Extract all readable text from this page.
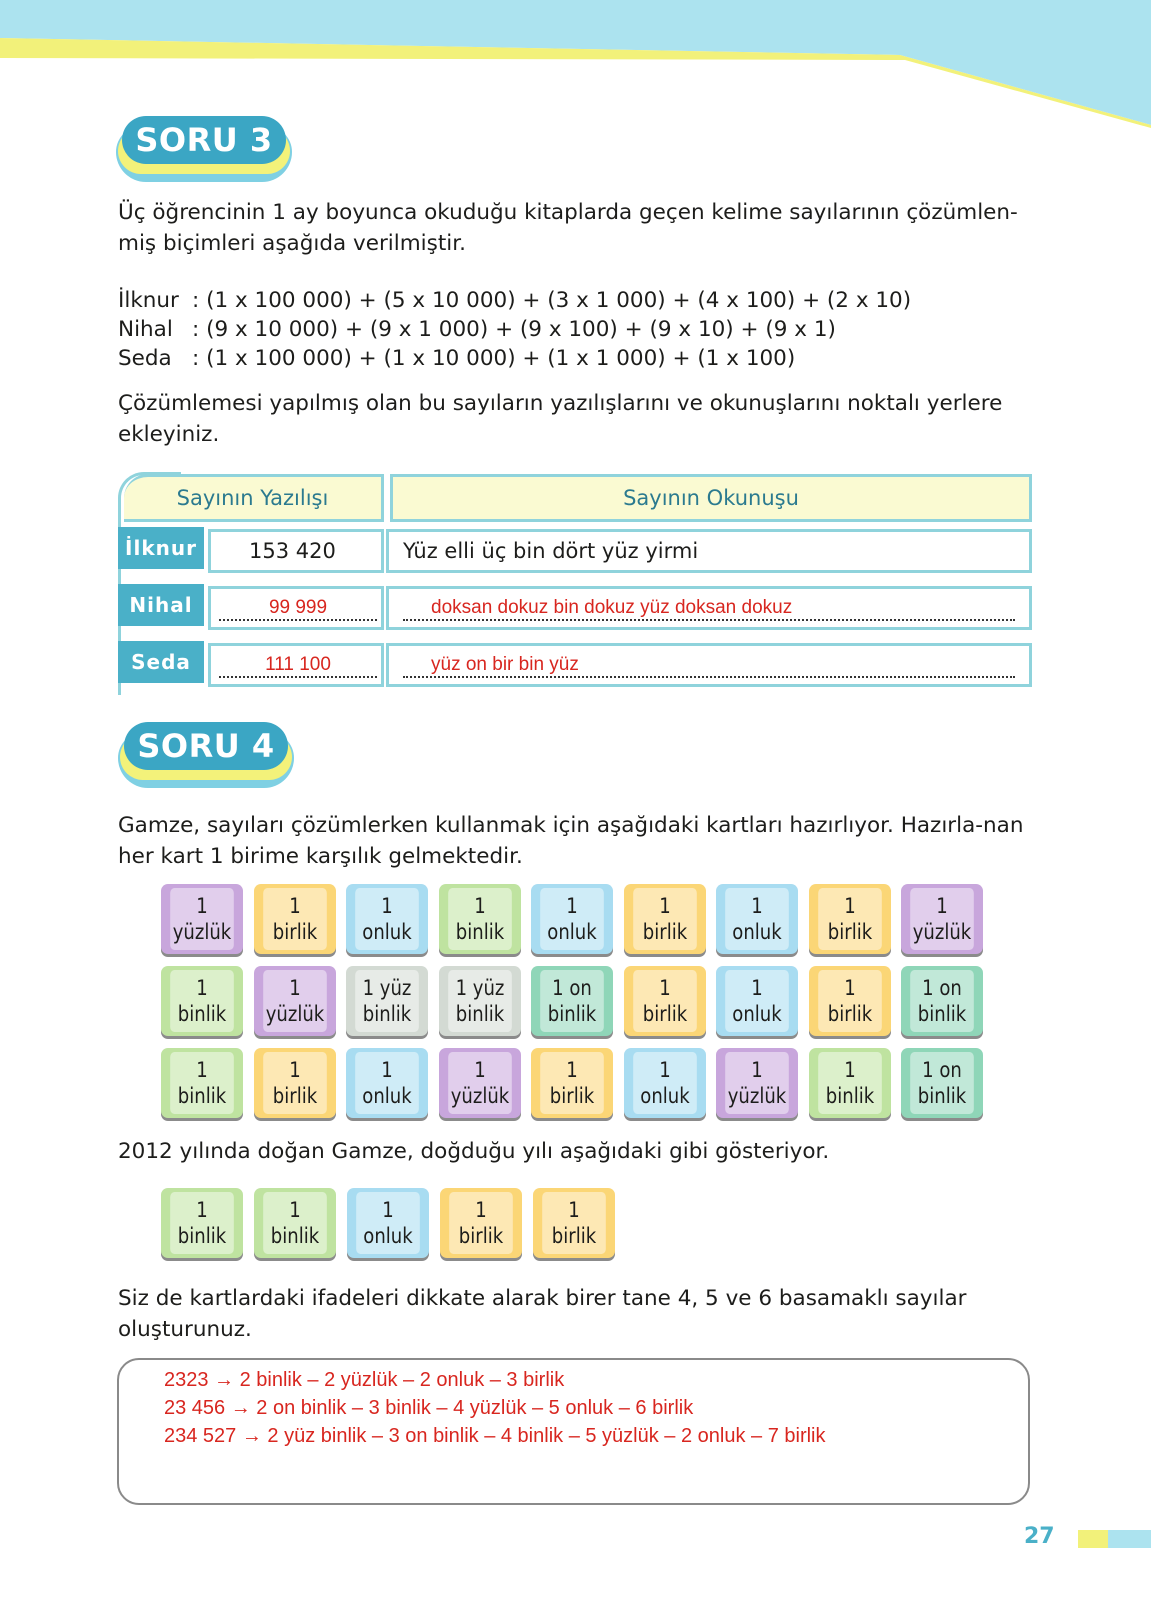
SORU 3
Üç öğrencinin 1 ay boyunca okuduğu kitaplarda geçen kelime sayılarının çözümlen-miş biçimleri aşağıda verilmiştir.
İlknur : (1 x 100 000) + (5 x 10 000) + (3 x 1 000) + (4 x 100) + (2 x 10)
Nihal : (9 x 10 000) + (9 x 1 000) + (9 x 100) + (9 x 10) + (9 x 1)
Seda : (1 x 100 000) + (1 x 10 000) + (1 x 1 000) + (1 x 100)
Çözümlemesi yapılmış olan bu sayıların yazılışlarını ve okunuşlarını noktalı yerlere ekleyiniz.
Sayının Yazılışı	Sayının Okunuşu
İlknur	153 420	Yüz elli üç bin dört yüz yirmi
Nihal	99 999	doksan dokuz bin dokuz yüz doksan dokuz
Seda	111 100	yüz on bir bin yüz
SORU 4
Gamze, sayıları çözümlerken kullanmak için aşağıdaki kartları hazırlıyor. Hazırla-nan her kart 1 birime karşılık gelmektedir.
1
yüzlük
1
birlik
1
onluk
1
binlik
1
onluk
1
birlik
1
onluk
1
birlik
1
yüzlük
1
binlik
1
yüzlük
1 yüz
binlik
1 yüz
binlik
1 on
binlik
1
birlik
1
onluk
1
birlik
1 on
binlik
1
binlik
1
birlik
1
onluk
1
yüzlük
1
birlik
1
onluk
1
yüzlük
1
binlik
1 on
binlik
2012 yılında doğan Gamze, doğduğu yılı aşağıdaki gibi gösteriyor.
1
binlik
1
binlik
1
onluk
1
birlik
1
birlik
Siz de kartlardaki ifadeleri dikkate alarak birer tane 4, 5 ve 6 basamaklı sayılar oluşturunuz.
2323 → 2 binlik – 2 yüzlük – 2 onluk – 3 birlik
23 456 → 2 on binlik – 3 binlik – 4 yüzlük – 5 onluk – 6 birlik
234 527 → 2 yüz binlik – 3 on binlik – 4 binlik – 5 yüzlük – 2 onluk – 7 birlik
27
